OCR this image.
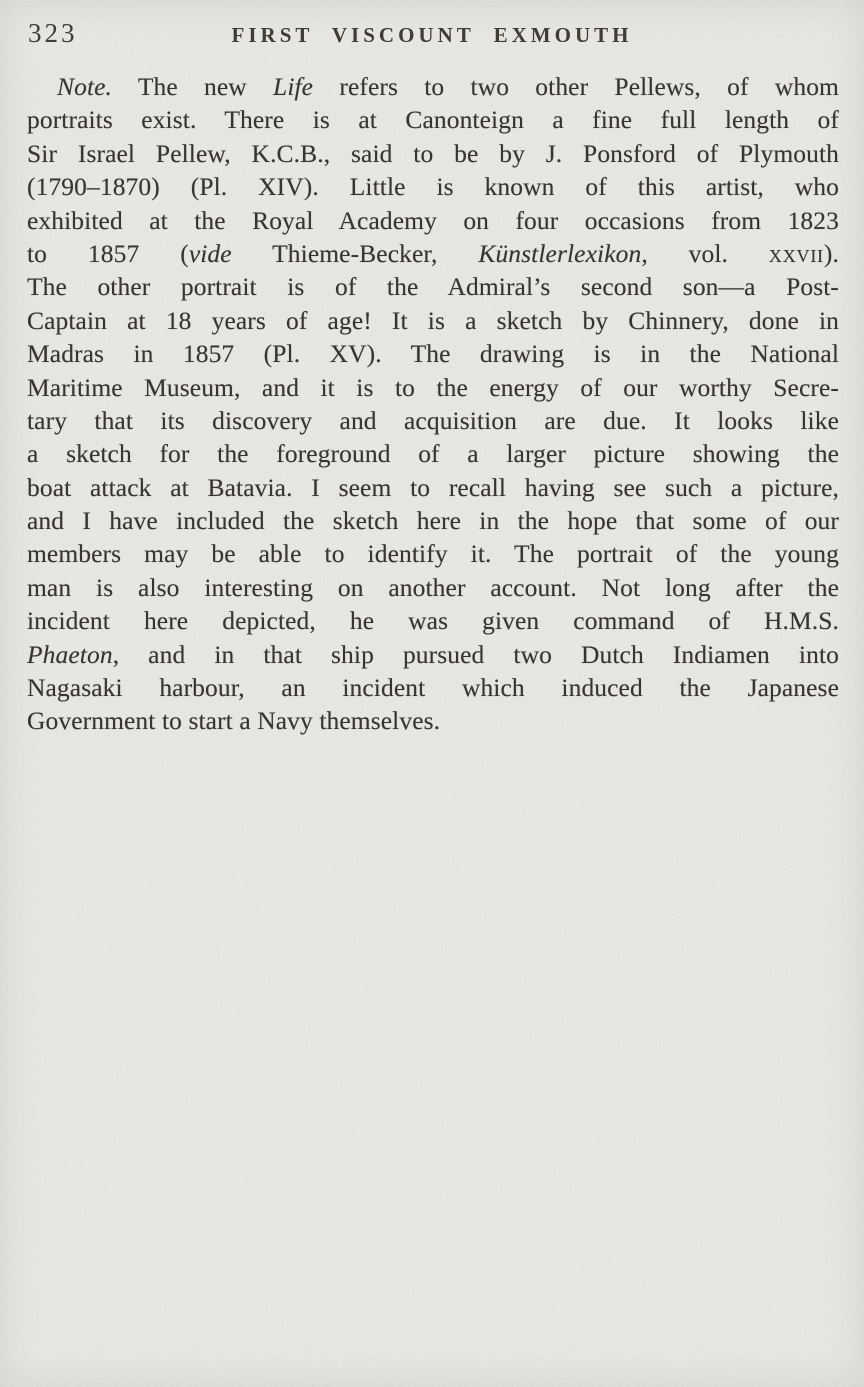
323	FIRST VISCOUNT EXMOUTH
Note. The new Life refers to two other Pellews, of whom
portraits exist. There is at Canonteign a fine full length of
Sir Israel Pellew, K.C.B., said to be by J. Ponsford of Plymouth
(1790–1870) (Pl. XIV). Little is known of this artist, who
exhibited at the Royal Academy on four occasions from 1823
to 1857 (vide Thieme-Becker, Künstlerlexikon, vol. xxvii).
The other portrait is of the Admiral’s second son—a Post-
Captain at 18 years of age! It is a sketch by Chinnery, done in
Madras in 1857 (Pl. XV). The drawing is in the National
Maritime Museum, and it is to the energy of our worthy Secre-
tary that its discovery and acquisition are due. It looks like
a sketch for the foreground of a larger picture showing the
boat attack at Batavia. I seem to recall having see such a picture,
and I have included the sketch here in the hope that some of our
members may be able to identify it. The portrait of the young
man is also interesting on another account. Not long after the
incident here depicted, he was given command of H.M.S.
Phaeton, and in that ship pursued two Dutch Indiamen into
Nagasaki harbour, an incident which induced the Japanese
Government to start a Navy themselves.
